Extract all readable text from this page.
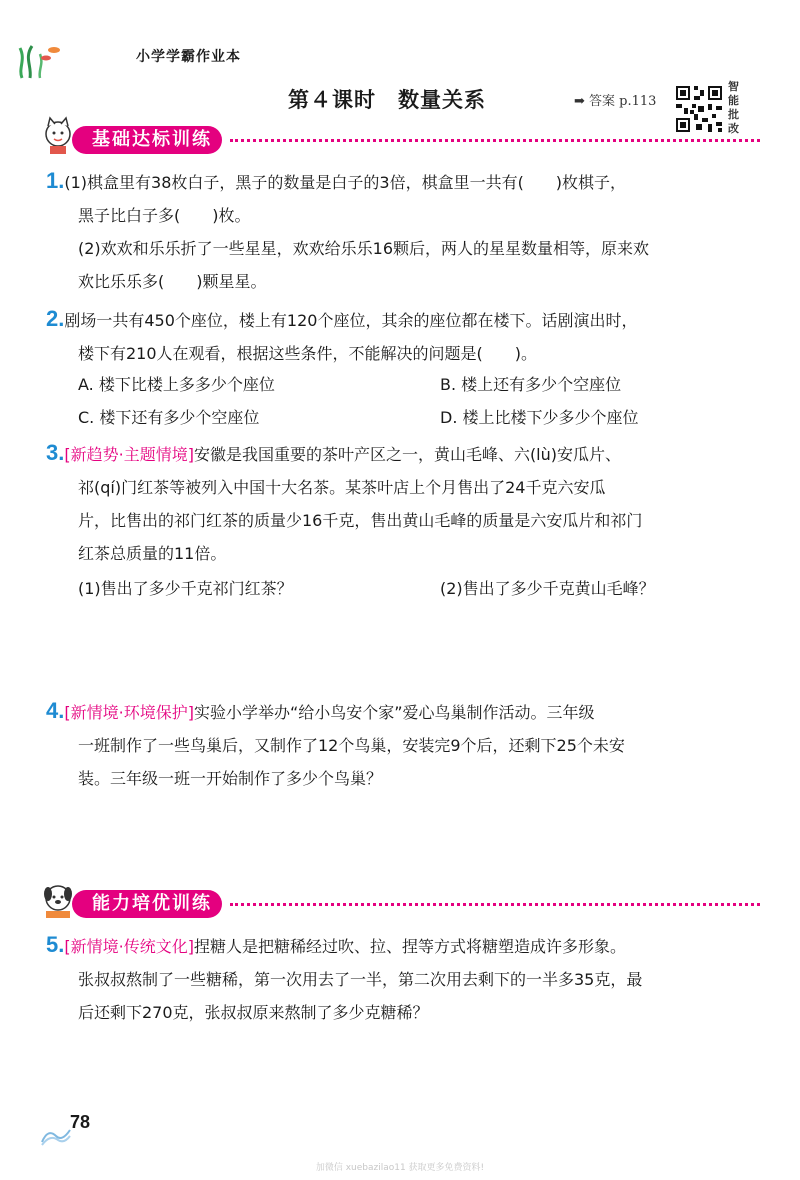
小学学霸作业本
第４课时　数量关系	➡ 答案 p.113
智能批改
基础达标训练
1.(1)棋盒里有38枚白子，黑子的数量是白子的3倍，棋盒里一共有(　　)枚棋子，
黑子比白子多(　　)枚。
(2)欢欢和乐乐折了一些星星，欢欢给乐乐16颗后，两人的星星数量相等，原来欢
欢比乐乐多(　　)颗星星。
2.剧场一共有450个座位，楼上有120个座位，其余的座位都在楼下。话剧演出时，
楼下有210人在观看，根据这些条件，不能解决的问题是(　　)。
A. 楼下比楼上多多少个座位	B. 楼上还有多少个空座位
C. 楼下还有多少个空座位	D. 楼上比楼下少多少个座位
3.[新趋势·主题情境]安徽是我国重要的茶叶产区之一，黄山毛峰、六(lù)安瓜片、
祁(qí)门红茶等被列入中国十大名茶。某茶叶店上个月售出了24千克六安瓜
片，比售出的祁门红茶的质量少16千克，售出黄山毛峰的质量是六安瓜片和祁门
红茶总质量的11倍。
(1)售出了多少千克祁门红茶？	(2)售出了多少千克黄山毛峰？
4.[新情境·环境保护]实验小学举办“给小鸟安个家”爱心鸟巢制作活动。三年级
一班制作了一些鸟巢后，又制作了12个鸟巢，安装完9个后，还剩下25个未安
装。三年级一班一开始制作了多少个鸟巢？
能力培优训练
5.[新情境·传统文化]捏糖人是把糖稀经过吹、拉、捏等方式将糖塑造成许多形象。
张叔叔熬制了一些糖稀，第一次用去了一半，第二次用去剩下的一半多35克，最
后还剩下270克，张叔叔原来熬制了多少克糖稀？
78
加微信 xuebazilao11 获取更多免费资料!
